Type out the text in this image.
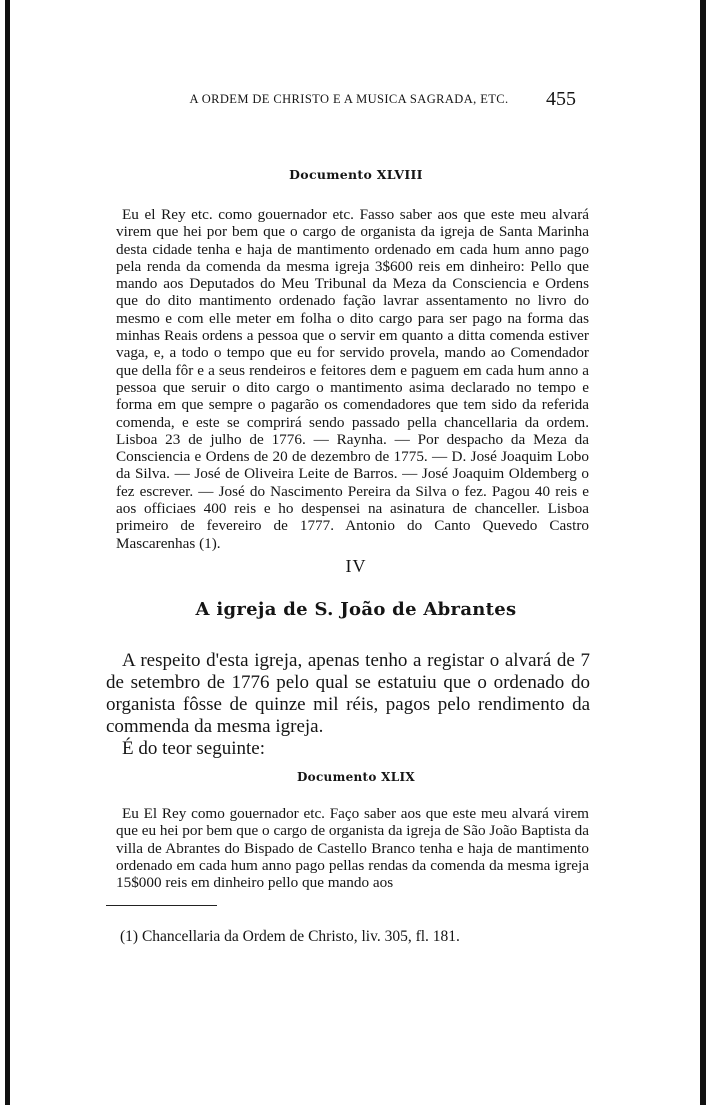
A ORDEM DE CHRISTO E A MUSICA SAGRADA, ETC.	455
Documento XLVIII

Eu el Rey etc. como gouernador etc. Fasso saber aos que este meu alvará virem que hei por bem que o cargo de organista da igreja de Santa Marinha desta cidade tenha e haja de mantimento ordenado em cada hum anno pago pela renda da comenda da mesma igreja 3$600 reis em dinheiro: Pello que mando aos Deputados do Meu Tribunal da Meza da Consciencia e Ordens que do dito mantimento ordenado fação lavrar assentamento no livro do mesmo e com elle meter em folha o dito cargo para ser pago na forma das minhas Reais ordens a pessoa que o servir em quanto a ditta comenda estiver vaga, e, a todo o tempo que eu for servido provela, mando ao Comendador que della fôr e a seus rendeiros e feitores dem e paguem em cada hum anno a pessoa que seruir o dito cargo o mantimento asima declarado no tempo e forma em que sempre o pagarão os comendadores que tem sido da referida comenda, e este se comprirá sendo passado pella chancellaria da ordem. Lisboa 23 de julho de 1776. — Raynha. — Por despacho da Meza da Consciencia e Ordens de 20 de dezembro de 1775. — D. José Joaquim Lobo da Silva. — José de Oliveira Leite de Barros. — José Joaquim Oldemberg o fez escrever. — José do Nascimento Pereira da Silva o fez. Pagou 40 reis e aos officiaes 400 reis e ho despensei na asinatura de chanceller. Lisboa primeiro de fevereiro de 1777. Antonio do Canto Quevedo Castro Mascarenhas (1).

IV
A igreja de S. João de Abrantes

A respeito d'esta igreja, apenas tenho a registar o alvará de 7 de setembro de 1776 pelo qual se estatuiu que o ordenado do organista fôsse de quinze mil réis, pagos pelo rendimento da commenda da mesma igreja.

É do teor seguinte:

Documento XLIX

Eu El Rey como gouernador etc. Faço saber aos que este meu alvará virem que eu hei por bem que o cargo de organista da igreja de São João Baptista da villa de Abrantes do Bispado de Castello Branco tenha e haja de mantimento ordenado em cada hum anno pago pellas rendas da comenda da mesma igreja 15$000 reis em dinheiro pello que mando aos

(1) Chancellaria da Ordem de Christo, liv. 305, fl. 181.
